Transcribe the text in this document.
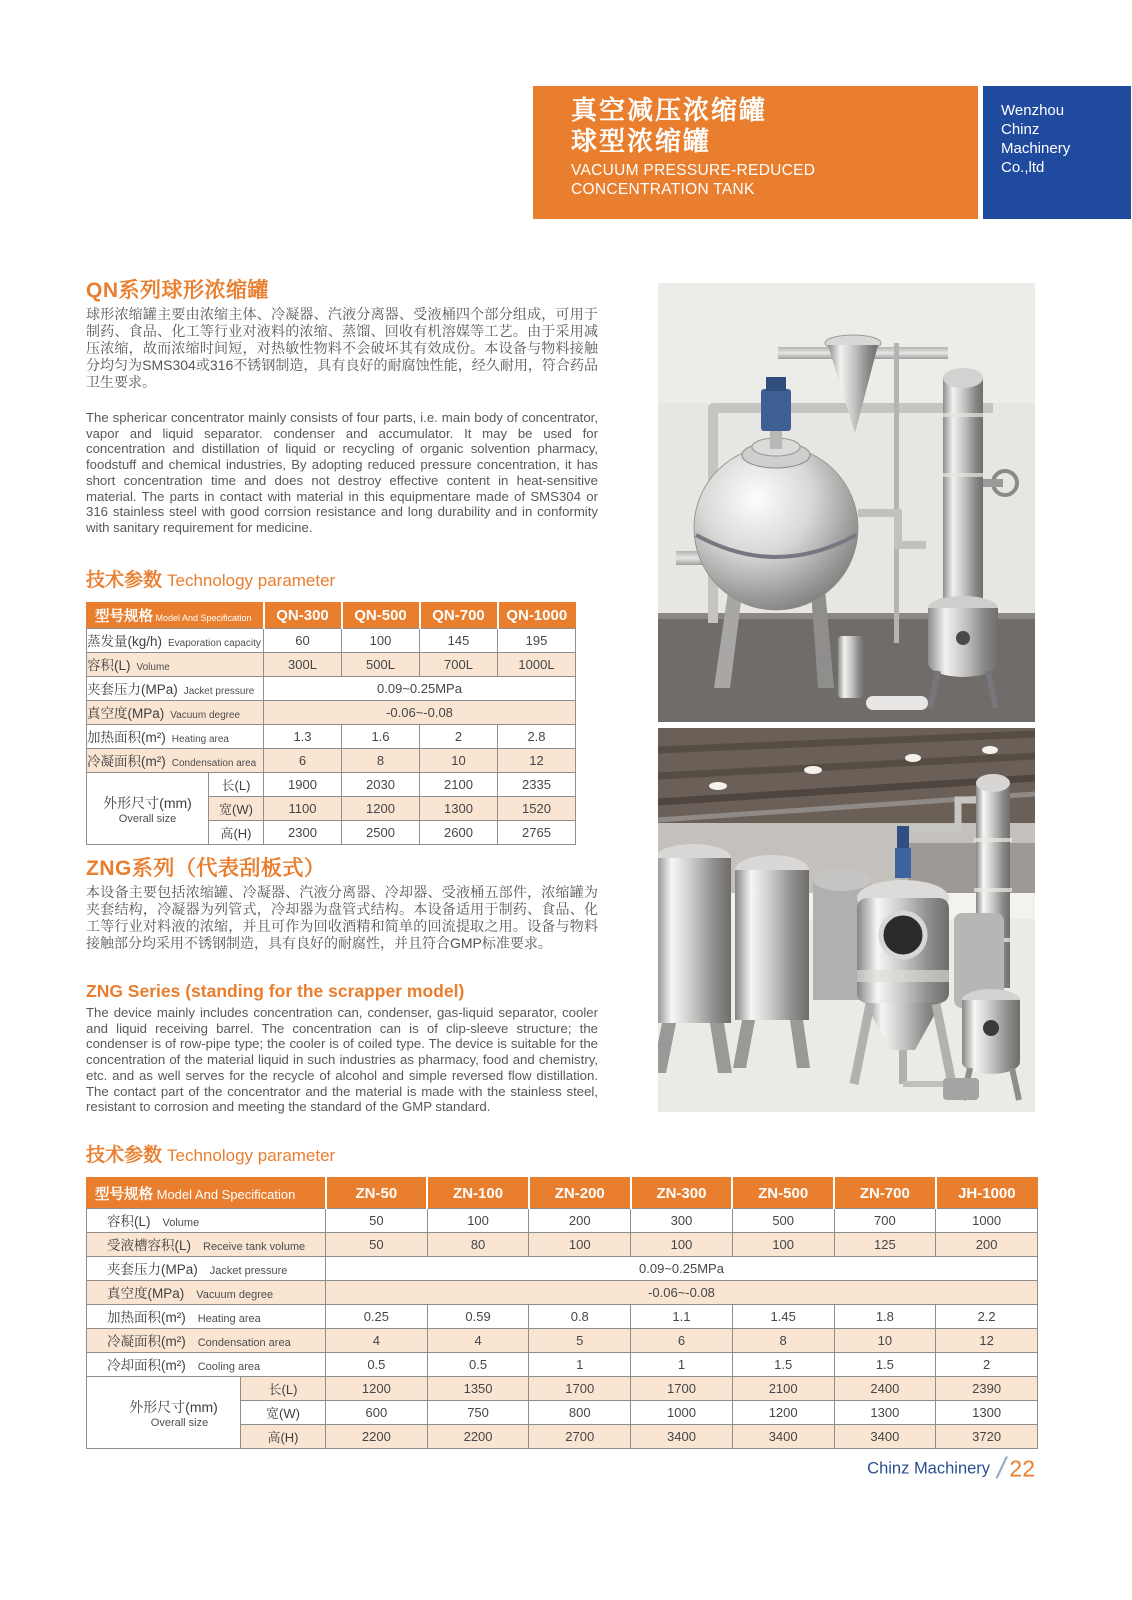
真空减压浓缩罐
球型浓缩罐
VACUUM PRESSURE-REDUCED
CONCENTRATION TANK
Wenzhou
Chinz
Machinery
Co.,ltd
QN系列球形浓缩罐
球形浓缩罐主要由浓缩主体、冷凝器、汽液分离器、受液桶四个部分组成，可用于制药、食品、化工等行业对液料的浓缩、蒸馏、回收有机溶媒等工艺。由于采用减压浓缩，故而浓缩时间短，对热敏性物料不会破坏其有效成份。本设备与物料接触分均匀为SMS304或316不锈钢制造，具有良好的耐腐蚀性能，经久耐用，符合药品卫生要求。
The sphericar concentrator mainly consists of four parts, i.e. main body of concentrator, vapor and liquid separator. condenser and accumulator. It may be used for concentration and distillation of liquid or recycling of organic solvention pharmacy, foodstuff and chemical industries, By adopting reduced pressure concentration, it has short concentration time and does not destroy effective content in heat-sensitive material. The parts in contact with material in this equipmentare made of SMS304 or 316 stainless steel with good corrsion resistance and long durability and in conformity with sanitary requirement for medicine.
技术参数 Technology parameter
型号规格 Model And Specification		QN-300	QN-500	QN-700	QN-1000
蒸发量(kg/h) Evaporation capacity		60	100	145	195
容积(L) Volume		300L	500L	700L	1000L
夹套压力(MPa) Jacket pressure		0.09~0.25MPa			
真空度(MPa) Vacuum degree		-0.06~-0.08			
加热面积(m²) Heating area		1.3	1.6	2	2.8
冷凝面积(m²) Condensation area		6	8	10	12

外形尺寸(mm)
Overall size	长(L)	1900	2030	2100	2335
	宽(W)	1100	1200	1300	1520
	高(H)	2300	2500	2600	2765
ZNG系列（代表刮板式）
本设备主要包括浓缩罐、冷凝器、汽液分离器、冷却器、受液桶五部件，浓缩罐为夹套结构，冷凝器为列管式，冷却器为盘管式结构。本设备适用于制药、食品、化工等行业对料液的浓缩，并且可作为回收酒精和简单的回流提取之用。设备与物料接触部分均采用不锈钢制造，具有良好的耐腐性，并且符合GMP标准要求。
ZNG Series (standing for the scrapper model)
The device mainly includes concentration can, condenser, gas-liquid separator, cooler and liquid receiving barrel. The concentration can is of clip-sleeve structure; the condenser is of row-pipe type; the cooler is of coiled type. The device is suitable for the concentration of the material liquid in such industries as pharmacy, food and chemistry, etc. and as well serves for the recycle of alcohol and simple reversed flow distillation. The contact part of the concentrator and the material is made with the stainless steel, resistant to corrosion and meeting the standard of the GMP standard.
技术参数 Technology parameter
型号规格 Model And Specification		ZN-50	ZN-100	ZN-200	ZN-300	ZN-500	ZN-700	JH-1000
容积(L) Volume		50	100	200	300	500	700	1000
受液槽容积(L) Receive tank volume		50	80	100	100	100	125	200
夹套压力(MPa) Jacket pressure		0.09~0.25MPa						
真空度(MPa) Vacuum degree		-0.06~-0.08						
加热面积(m²) Heating area		0.25	0.59	0.8	1.1	1.45	1.8	2.2
冷凝面积(m²) Condensation area		4	4	5	6	8	10	12
冷却面积(m²) Cooling area		0.5	0.5	1	1	1.5	1.5	2

外形尺寸(mm)
Overall size	长(L)	1200	1350	1700	1700	2100	2400	2390
	宽(W)	600	750	800	1000	1200	1300	1300
	高(H)	2200	2200	2700	3400	3400	3400	3720
Chinz Machinery / 22
